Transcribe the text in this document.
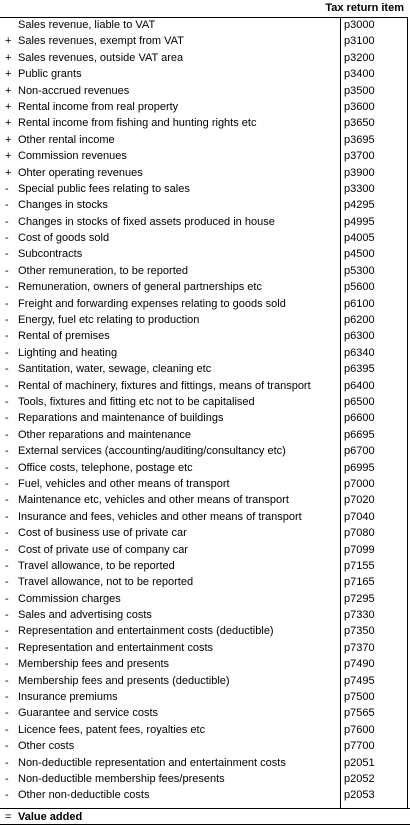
Tax return item
Sales revenue, liable to VAT	p3000
+ Sales revenues, exempt from VAT	p3100
+ Sales revenues, outside VAT area	p3200
+ Public grants	p3400
+ Non-accrued revenues	p3500
+ Rental income from real property	p3600
+ Rental income from fishing and hunting rights etc	p3650
+ Other rental income	p3695
+ Commission revenues	p3700
+ Ohter operating revenues	p3900
- Special public fees relating to sales	p3300
- Changes in stocks	p4295
- Changes in stocks of fixed assets produced in house	p4995
- Cost of goods sold	p4005
- Subcontracts	p4500
- Other remuneration, to be reported	p5300
- Remuneration, owners of general partnerships etc	p5600
- Freight and forwarding expenses relating to goods sold	p6100
- Energy, fuel etc relating to production	p6200
- Rental of premises	p6300
- Lighting and heating	p6340
- Santitation, water, sewage, cleaning etc	p6395
- Rental of machinery, fixtures and fittings, means of transport	p6400
- Tools, fixtures and fitting etc not to be capitalised	p6500
- Reparations and maintenance of buildings	p6600
- Other reparations and maintenance	p6695
- External services (accounting/auditing/consultancy etc)	p6700
- Office costs, telephone, postage etc	p6995
- Fuel, vehicles and other means of transport	p7000
- Maintenance etc, vehicles and other means of transport	p7020
- Insurance and fees, vehicles and other means of transport	p7040
- Cost of business use of private car	p7080
- Cost of private use of company car	p7099
- Travel allowance, to be reported	p7155
- Travel allowance, not to be reported	p7165
- Commission charges	p7295
- Sales and advertising costs	p7330
- Representation and entertainment costs (deductible)	p7350
- Representation and entertainment costs	p7370
- Membership fees and presents	p7490
- Membership fees and presents (deductible)	p7495
- Insurance premiums	p7500
- Guarantee and service costs	p7565
- Licence fees, patent fees, royalties etc	p7600
- Other costs	p7700
- Non-deductible representation and entertainment costs	p2051
- Non-deductible membership fees/presents	p2052
- Other non-deductible costs	p2053
= Value added
